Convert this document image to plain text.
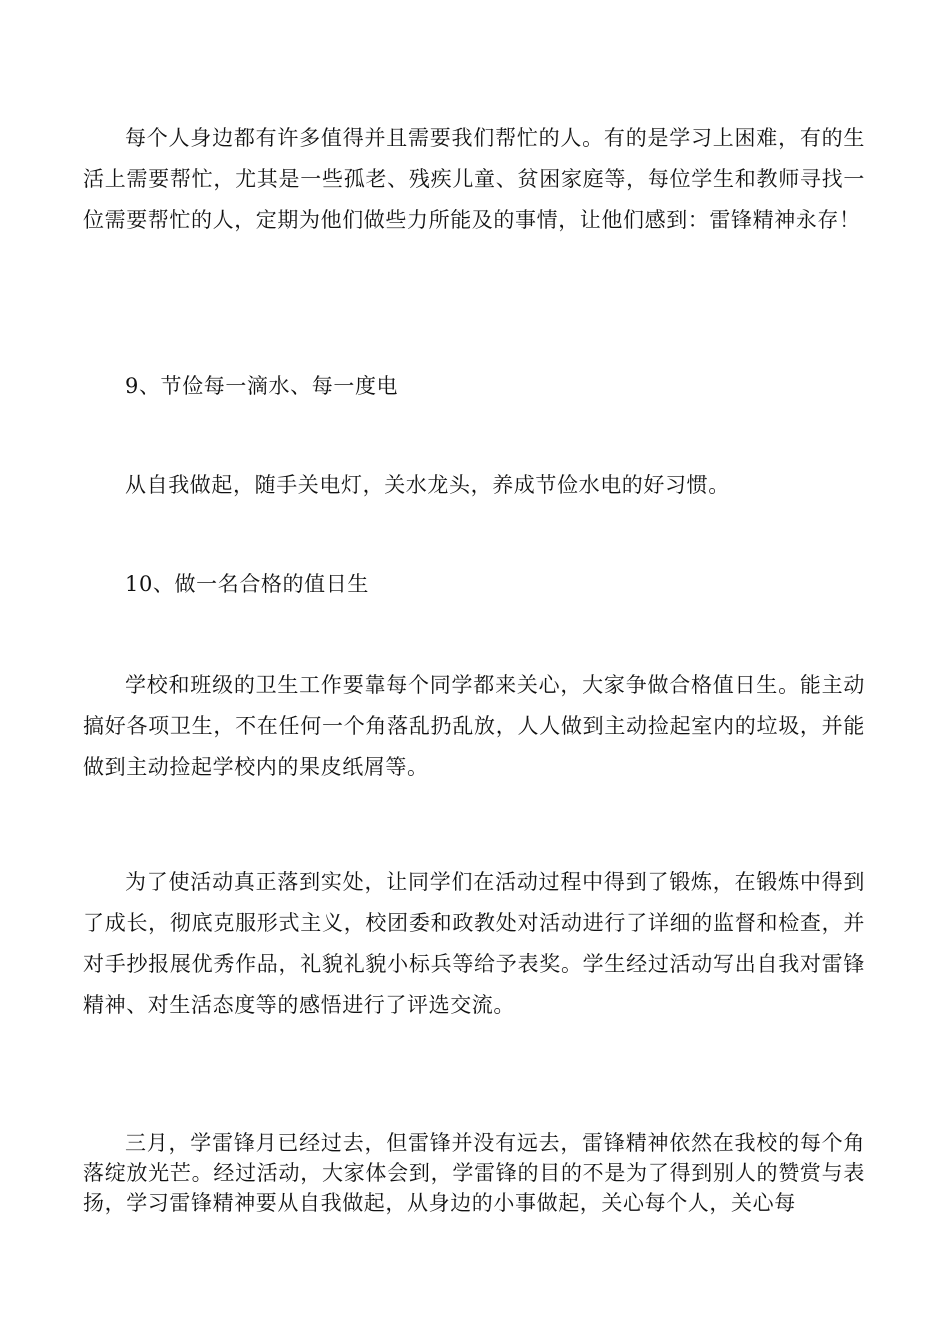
每个人身边都有许多值得并且需要我们帮忙的人。有的是学习上困难，有的生活上需要帮忙，尤其是一些孤老、残疾儿童、贫困家庭等，每位学生和教师寻找一位需要帮忙的人，定期为他们做些力所能及的事情，让他们感到：雷锋精神永存！

9、节俭每一滴水、每一度电

从自我做起，随手关电灯，关水龙头，养成节俭水电的好习惯。

10、做一名合格的值日生

学校和班级的卫生工作要靠每个同学都来关心，大家争做合格值日生。能主动搞好各项卫生，不在任何一个角落乱扔乱放，人人做到主动捡起室内的垃圾，并能做到主动捡起学校内的果皮纸屑等。

为了使活动真正落到实处，让同学们在活动过程中得到了锻炼，在锻炼中得到了成长，彻底克服形式主义，校团委和政教处对活动进行了详细的监督和检查，并对手抄报展优秀作品，礼貌礼貌小标兵等给予表奖。学生经过活动写出自我对雷锋精神、对生活态度等的感悟进行了评选交流。

三月，学雷锋月已经过去，但雷锋并没有远去，雷锋精神依然在我校的每个角落绽放光芒。经过活动，大家体会到，学雷锋的目的不是为了得到别人的赞赏与表扬，学习雷锋精神要从自我做起，从身边的小事做起，关心每个人，关心每
